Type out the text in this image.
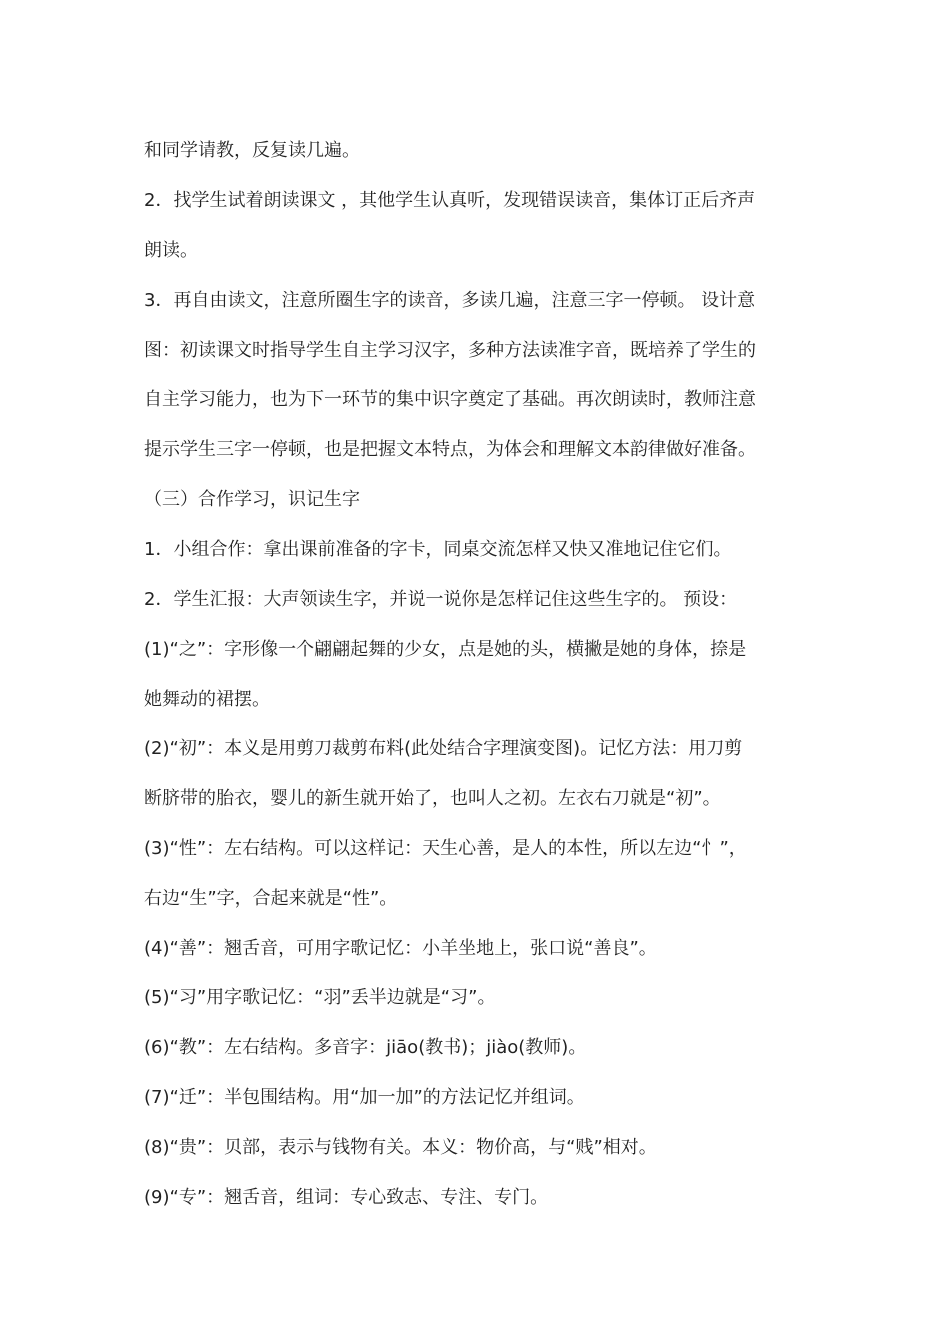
和同学请教，反复读几遍。
2．找学生试着朗读课文 ，其他学生认真听，发现错误读音，集体订正后齐声
朗读。
3．再自由读文，注意所圈生字的读音，多读几遍，注意三字一停顿。 设计意
图：初读课文时指导学生自主学习汉字，多种方法读准字音，既培养了学生的
自主学习能力，也为下一环节的集中识字奠定了基础。再次朗读时，教师注意
提示学生三字一停顿，也是把握文本特点，为体会和理解文本韵律做好准备。
（三）合作学习，识记生字
1．小组合作：拿出课前准备的字卡，同桌交流怎样又快又准地记住它们。
2．学生汇报：大声领读生字，并说一说你是怎样记住这些生字的。 预设：
(1)“之”：字形像一个翩翩起舞的少女，点是她的头，横撇是她的身体，捺是
她舞动的裙摆。
(2)“初”：本义是用剪刀裁剪布料(此处结合字理演变图)。记忆方法：用刀剪
断脐带的胎衣，婴儿的新生就开始了，也叫人之初。左衣右刀就是“初”。
(3)“性”：左右结构。可以这样记：天生心善，是人的本性，所以左边“忄”，
右边“生”字，合起来就是“性”。
(4)“善”：翘舌音，可用字歌记忆：小羊坐地上，张口说“善良”。
(5)“习”用字歌记忆：“羽”丢半边就是“习”。
(6)“教”：左右结构。多音字：jiāo(教书)；jiào(教师)。
(7)“迁”：半包围结构。用“加一加”的方法记忆并组词。
(8)“贵”：贝部，表示与钱物有关。本义：物价高，与“贱”相对。
(9)“专”：翘舌音，组词：专心致志、专注、专门。
